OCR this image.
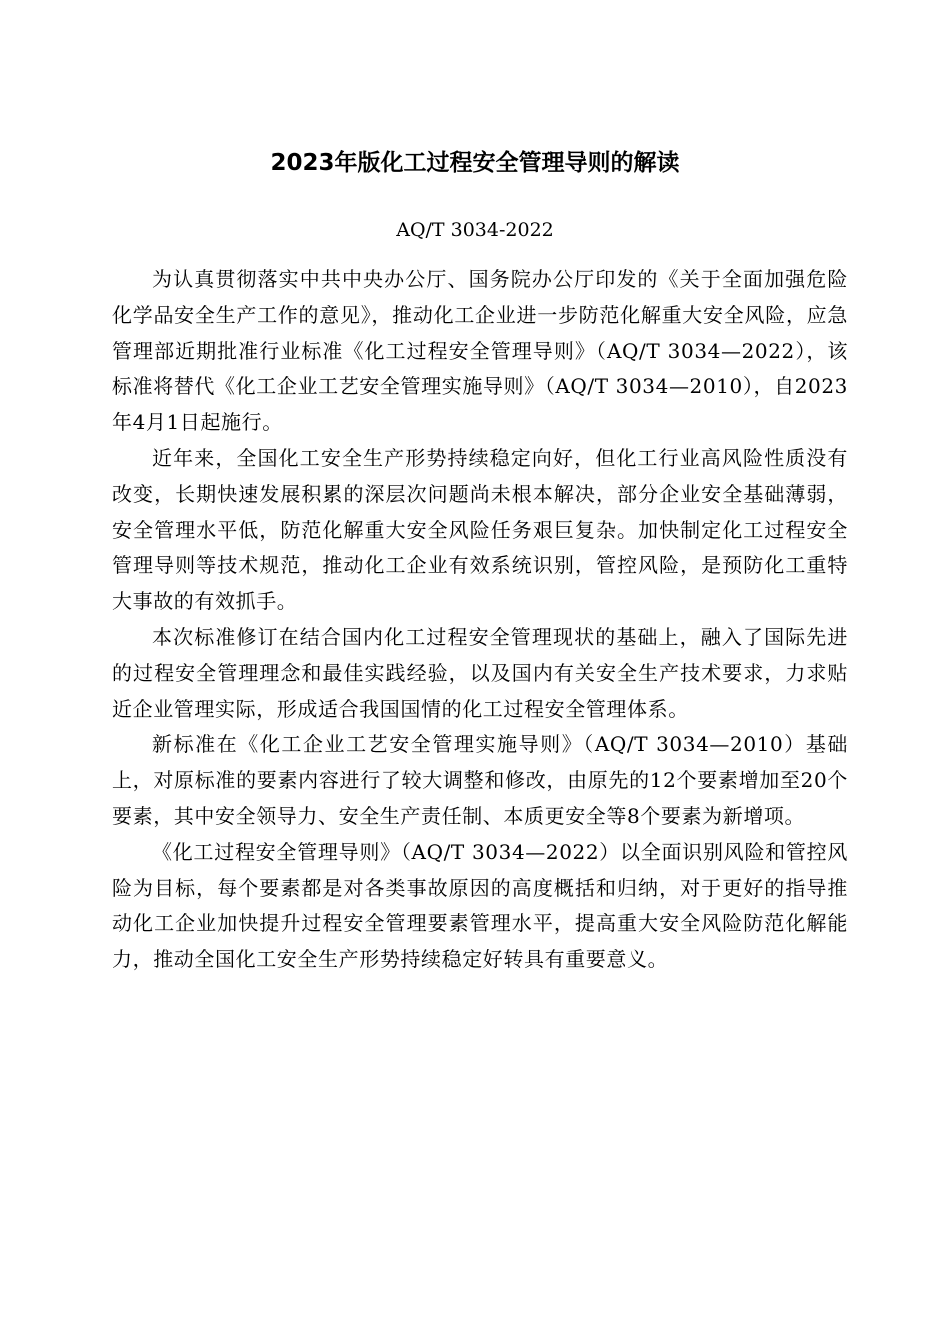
2023年版化工过程安全管理导则的解读
AQ/T 3034-2022

为认真贯彻落实中共中央办公厅、国务院办公厅印发的《关于全面加强危险化学品安全生产工作的意见》，推动化工企业进一步防范化解重大安全风险，应急管理部近期批准行业标准《化工过程安全管理导则》（AQ/T 3034—2022），该标准将替代《化工企业工艺安全管理实施导则》（AQ/T 3034—2010），自2023年4月1日起施行。

近年来，全国化工安全生产形势持续稳定向好，但化工行业高风险性质没有改变，长期快速发展积累的深层次问题尚未根本解决，部分企业安全基础薄弱，安全管理水平低，防范化解重大安全风险任务艰巨复杂。加快制定化工过程安全管理导则等技术规范，推动化工企业有效系统识别，管控风险，是预防化工重特大事故的有效抓手。

本次标准修订在结合国内化工过程安全管理现状的基础上，融入了国际先进的过程安全管理理念和最佳实践经验，以及国内有关安全生产技术要求，力求贴近企业管理实际，形成适合我国国情的化工过程安全管理体系。

新标准在《化工企业工艺安全管理实施导则》（AQ/T 3034—2010）基础上，对原标准的要素内容进行了较大调整和修改，由原先的12个要素增加至20个要素，其中安全领导力、安全生产责任制、本质更安全等8个要素为新增项。

《化工过程安全管理导则》（AQ/T 3034—2022）以全面识别风险和管控风险为目标，每个要素都是对各类事故原因的高度概括和归纳，对于更好的指导推动化工企业加快提升过程安全管理要素管理水平，提高重大安全风险防范化解能力，推动全国化工安全生产形势持续稳定好转具有重要意义。
